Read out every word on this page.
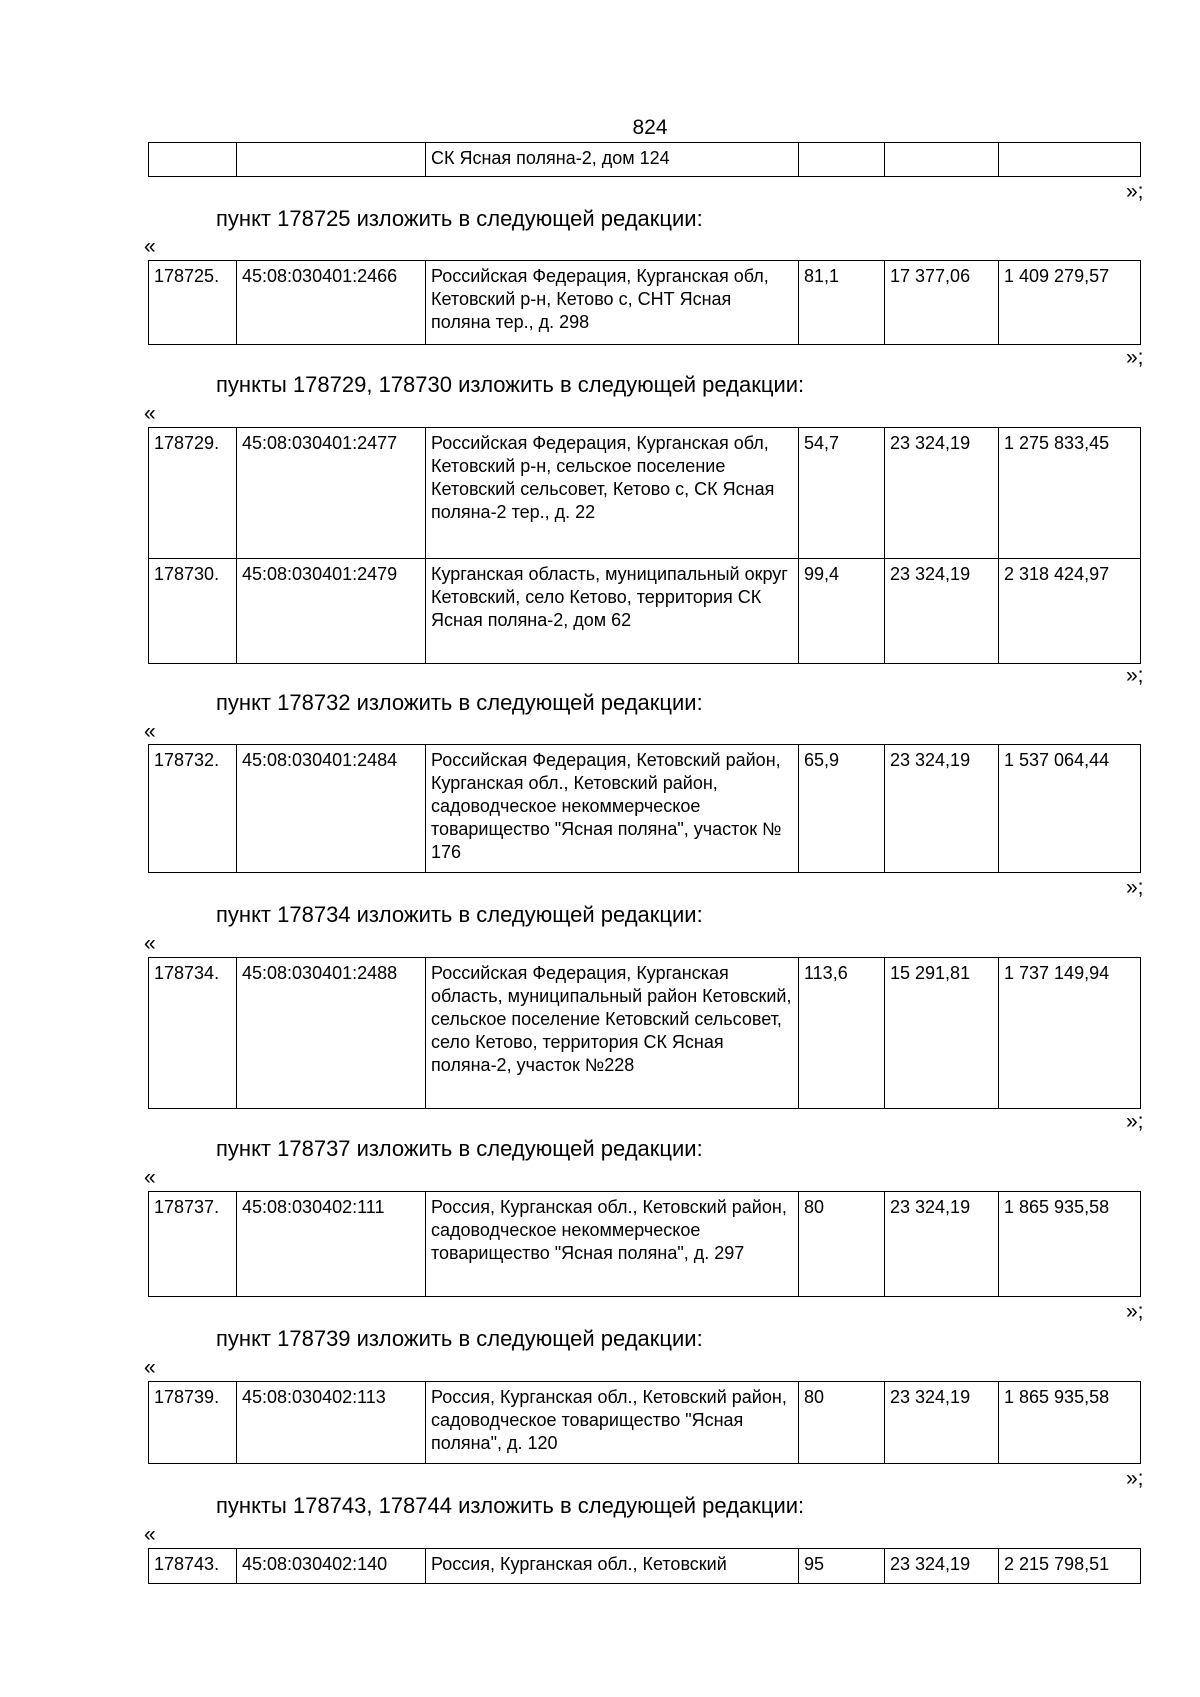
824
		СК Ясная поляна-2, дом 124			
»;
пункт 178725 изложить в следующей редакции:
«
178725.	45:08:030401:2466	Российская Федерация, Курганская обл, Кетовский р-н, Кетово с, СНТ Ясная поляна тер., д. 298	81,1	17 377,06	1 409 279,57
»;
пункты 178729, 178730 изложить в следующей редакции:
«
178729.	45:08:030401:2477	Российская Федерация, Курганская обл, Кетовский р-н, сельское поселение Кетовский сельсовет, Кетово с, СК Ясная поляна-2 тер., д. 22	54,7	23 324,19	1 275 833,45
178730.	45:08:030401:2479	Курганская область, муниципальный округ Кетовский, село Кетово, территория СК Ясная поляна-2, дом 62	99,4	23 324,19	2 318 424,97
»;
пункт 178732 изложить в следующей редакции:
«
178732.	45:08:030401:2484	Российская Федерация, Кетовский район, Курганская обл., Кетовский район, садоводческое некоммерческое товарищество "Ясная поляна", участок № 176	65,9	23 324,19	1 537 064,44
»;
пункт 178734 изложить в следующей редакции:
«
178734.	45:08:030401:2488	Российская Федерация, Курганская область, муниципальный район Кетовский, сельское поселение Кетовский сельсовет, село Кетово, территория СК Ясная поляна-2, участок №228	113,6	15 291,81	1 737 149,94
»;
пункт 178737 изложить в следующей редакции:
«
178737.	45:08:030402:111	Россия, Курганская обл., Кетовский район, садоводческое некоммерческое товарищество "Ясная поляна", д. 297	80	23 324,19	1 865 935,58
»;
пункт 178739 изложить в следующей редакции:
«
178739.	45:08:030402:113	Россия, Курганская обл., Кетовский район, садоводческое товарищество "Ясная поляна", д. 120	80	23 324,19	1 865 935,58
»;
пункты 178743, 178744 изложить в следующей редакции:
«
178743.	45:08:030402:140	Россия, Курганская обл., Кетовский	95	23 324,19	2 215 798,51
